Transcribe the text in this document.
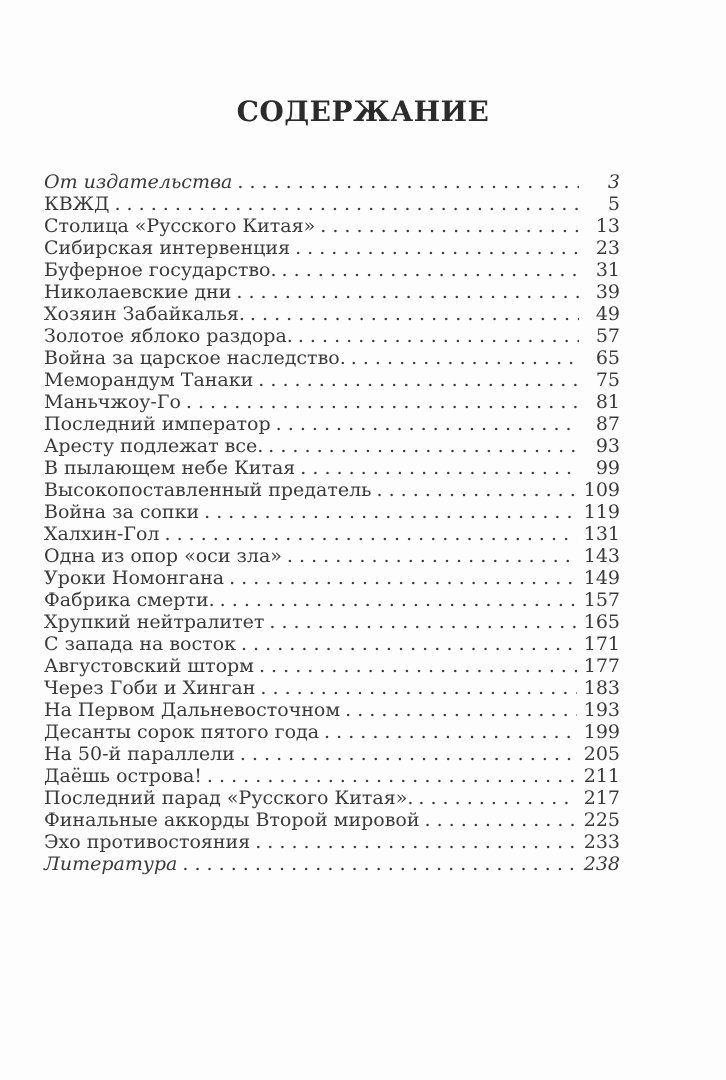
СОДЕРЖАНИЕ
От издательства . . .	3
КВЖД . . .	5
Столица «Русского Китая» . . .	13
Сибирская интервенция . . .	23
Буферное государство. . . .	31
Николаевские дни . . .	39
Хозяин Забайкалья. . . .	49
Золотое яблоко раздора. . . .	57
Война за царское наследство. . . .	65
Меморандум Танаки . . .	75
Маньчжоу-Го . . .	81
Последний император . . .	87
Аресту подлежат все. . . .	93
В пылающем небе Китая . . .	99
Высокопоставленный предатель . . .	109
Война за сопки . . .	119
Халхин-Гол . . .	131
Одна из опор «оси зла» . . .	143
Уроки Номонгана . . .	149
Фабрика смерти. . . .	157
Хрупкий нейтралитет . . .	165
С запада на восток . . .	171
Августовский шторм . . .	177
Через Гоби и Хинган . . .	183
На Первом Дальневосточном . . .	193
Десанты сорок пятого года . . .	199
На 50-й параллели . . .	205
Даёшь острова! . . .	211
Последний парад «Русского Китая». . . .	217
Финальные аккорды Второй мировой . . .	225
Эхо противостояния . . .	233
Литература . . .	238
